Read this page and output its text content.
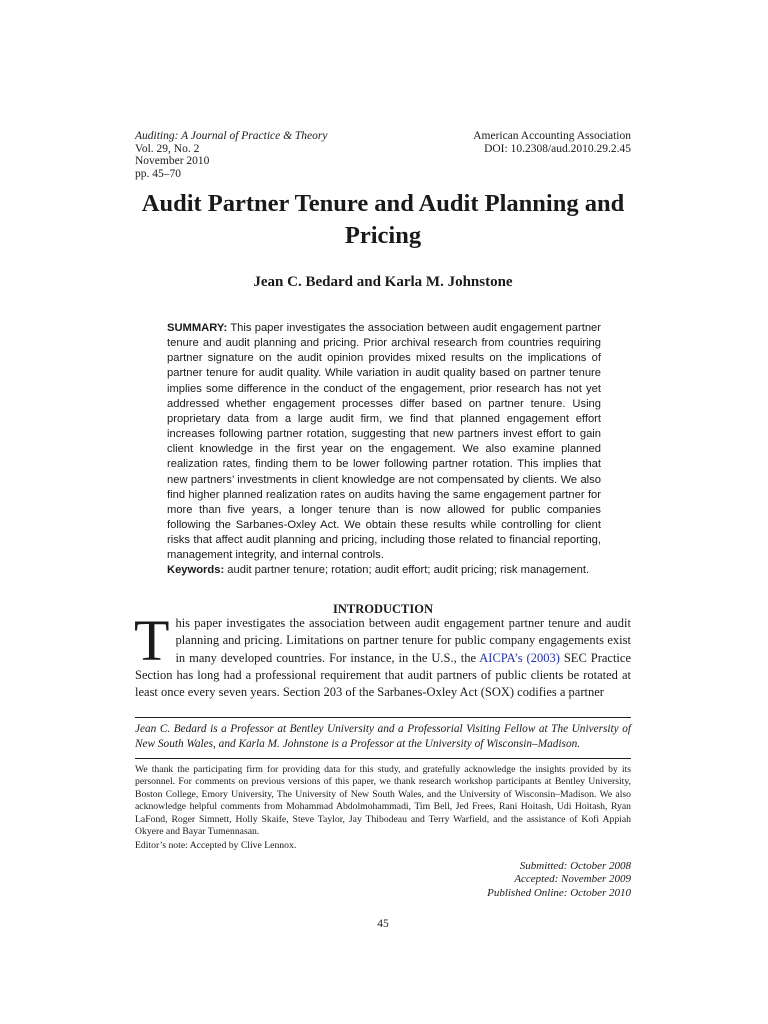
Auditing: A Journal of Practice & Theory
Vol. 29, No. 2
November 2010
pp. 45–70
American Accounting Association
DOI: 10.2308/aud.2010.29.2.45
Audit Partner Tenure and Audit Planning and Pricing
Jean C. Bedard and Karla M. Johnstone

SUMMARY: This paper investigates the association between audit engagement partner tenure and audit planning and pricing. Prior archival research from countries requiring partner signature on the audit opinion provides mixed results on the implications of partner tenure for audit quality. While variation in audit quality based on partner tenure implies some difference in the conduct of the engagement, prior research has not yet addressed whether engagement processes differ based on partner tenure. Using proprietary data from a large audit firm, we find that planned engagement effort increases following partner rotation, suggesting that new partners invest effort to gain client knowledge in the first year on the engagement. We also examine planned realization rates, finding them to be lower following partner rotation. This implies that new partners’ investments in client knowledge are not compensated by clients. We also find higher planned realization rates on audits having the same engagement partner for more than five years, a longer tenure than is now allowed for public companies following the Sarbanes-Oxley Act. We obtain these results while controlling for client risks that affect audit planning and pricing, including those related to financial reporting, management integrity, and internal controls.

Keywords: audit partner tenure; rotation; audit effort; audit pricing; risk management.

INTRODUCTION

This paper investigates the association between audit engagement partner tenure and audit planning and pricing. Limitations on partner tenure for public company engagements exist in many developed countries. For instance, in the U.S., the AICPA’s (2003) SEC Practice Section has long had a professional requirement that audit partners of public clients be rotated at least once every seven years. Section 203 of the Sarbanes-Oxley Act (SOX) codifies a partner

Jean C. Bedard is a Professor at Bentley University and a Professorial Visiting Fellow at The University of New South Wales, and Karla M. Johnstone is a Professor at the University of Wisconsin–Madison.

We thank the participating firm for providing data for this study, and gratefully acknowledge the insights provided by its personnel. For comments on previous versions of this paper, we thank research workshop participants at Bentley University, Boston College, Emory University, The University of New South Wales, and the University of Wisconsin–Madison. We also acknowledge helpful comments from Mohammad Abdolmohammadi, Tim Bell, Jed Frees, Rani Hoitash, Udi Hoitash, Ryan LaFond, Roger Simnett, Holly Skaife, Steve Taylor, Jay Thibodeau and Terry Warfield, and the assistance of Kofi Appiah Okyere and Bayar Tumennasan.

Editor’s note: Accepted by Clive Lennox.

Submitted: October 2008
Accepted: November 2009
Published Online: October 2010
45
